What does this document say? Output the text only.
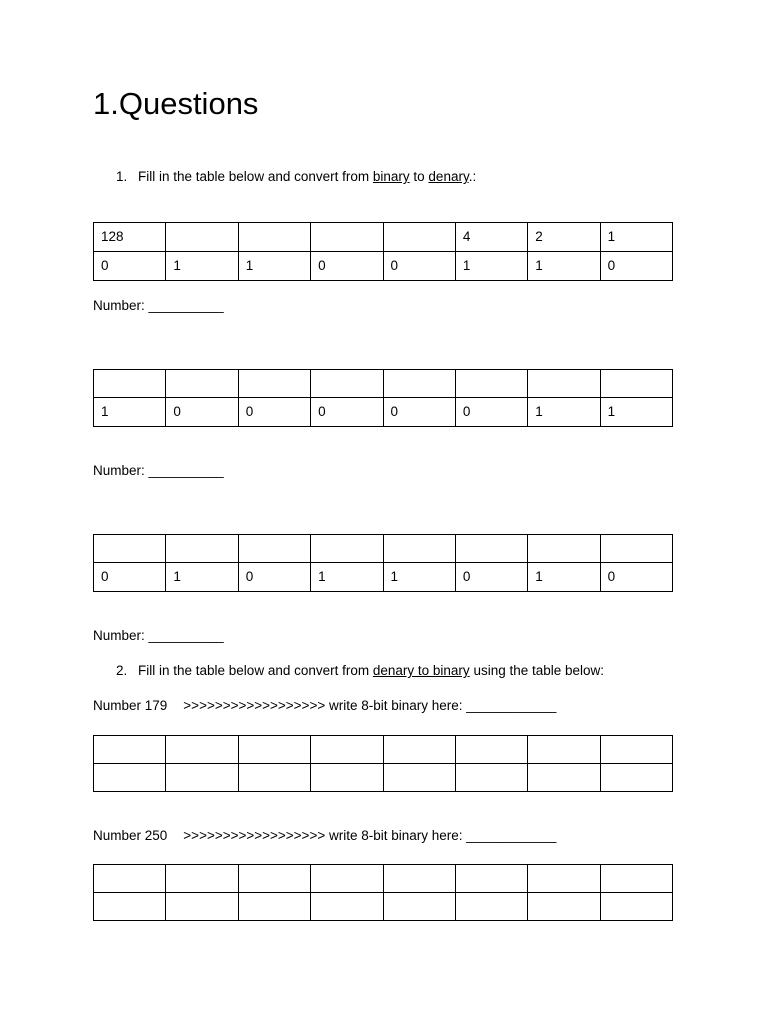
1.Questions
1. Fill in the table below and convert from binary to denary.:
128					4	2	1
0	1	1	0	0	1	1	0
Number: __________

1	0	0	0	0	0	1	1
Number: __________

0	1	0	1	1	0	1	0
Number: __________
2. Fill in the table below and convert from denary to binary using the table below:
Number 179 >>>>>>>>>>>>>>>>>> write 8-bit binary here: ____________

Number 250 >>>>>>>>>>>>>>>>>> write 8-bit binary here: ____________
